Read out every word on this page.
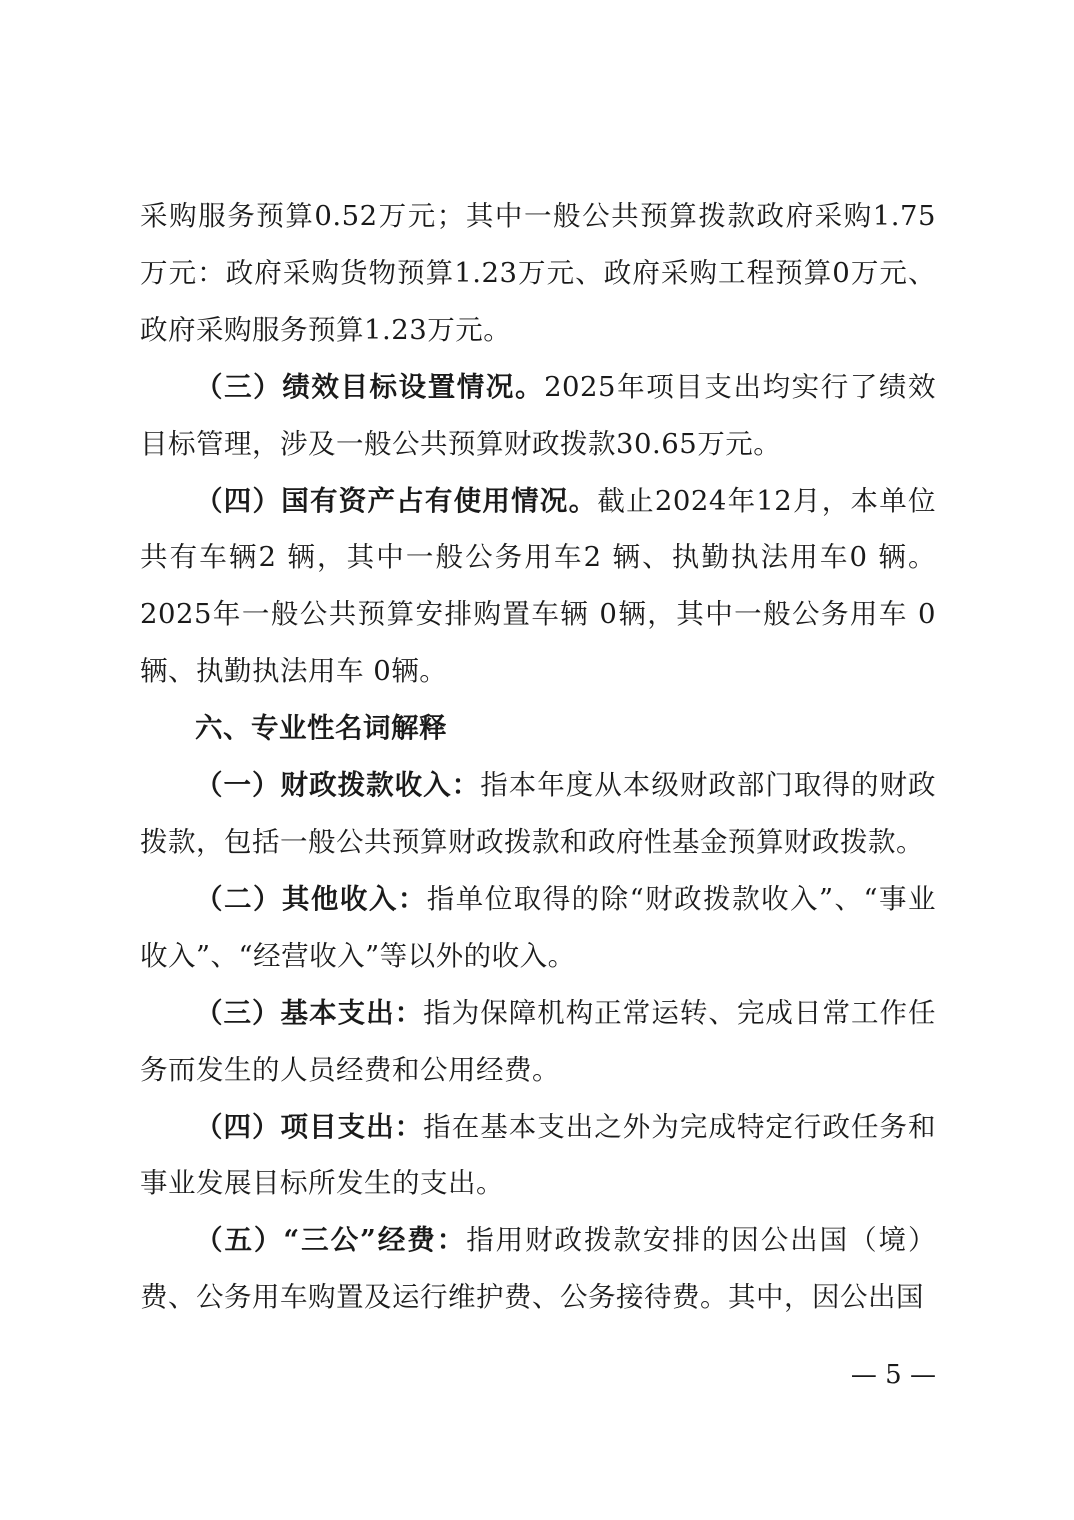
采购服务预算0.52万元；其中一般公共预算拨款政府采购1.75万元：政府采购货物预算1.23万元、政府采购工程预算0万元、政府采购服务预算1.23万元。

（三）绩效目标设置情况。2025年项目支出均实行了绩效目标管理，涉及一般公共预算财政拨款30.65万元。

（四）国有资产占有使用情况。截止2024年12月，本单位共有车辆2 辆，其中一般公务用车2 辆、执勤执法用车0 辆。2025年一般公共预算安排购置车辆 0辆，其中一般公务用车 0辆、执勤执法用车 0辆。

六、专业性名词解释

（一）财政拨款收入：指本年度从本级财政部门取得的财政拨款，包括一般公共预算财政拨款和政府性基金预算财政拨款。

（二）其他收入：指单位取得的除“财政拨款收入”、“事业收入”、“经营收入”等以外的收入。

（三）基本支出：指为保障机构正常运转、完成日常工作任务而发生的人员经费和公用经费。

（四）项目支出：指在基本支出之外为完成特定行政任务和事业发展目标所发生的支出。

（五）“三公”经费：指用财政拨款安排的因公出国（境）费、公务用车购置及运行维护费、公务接待费。其中，因公出国

— 5 —
